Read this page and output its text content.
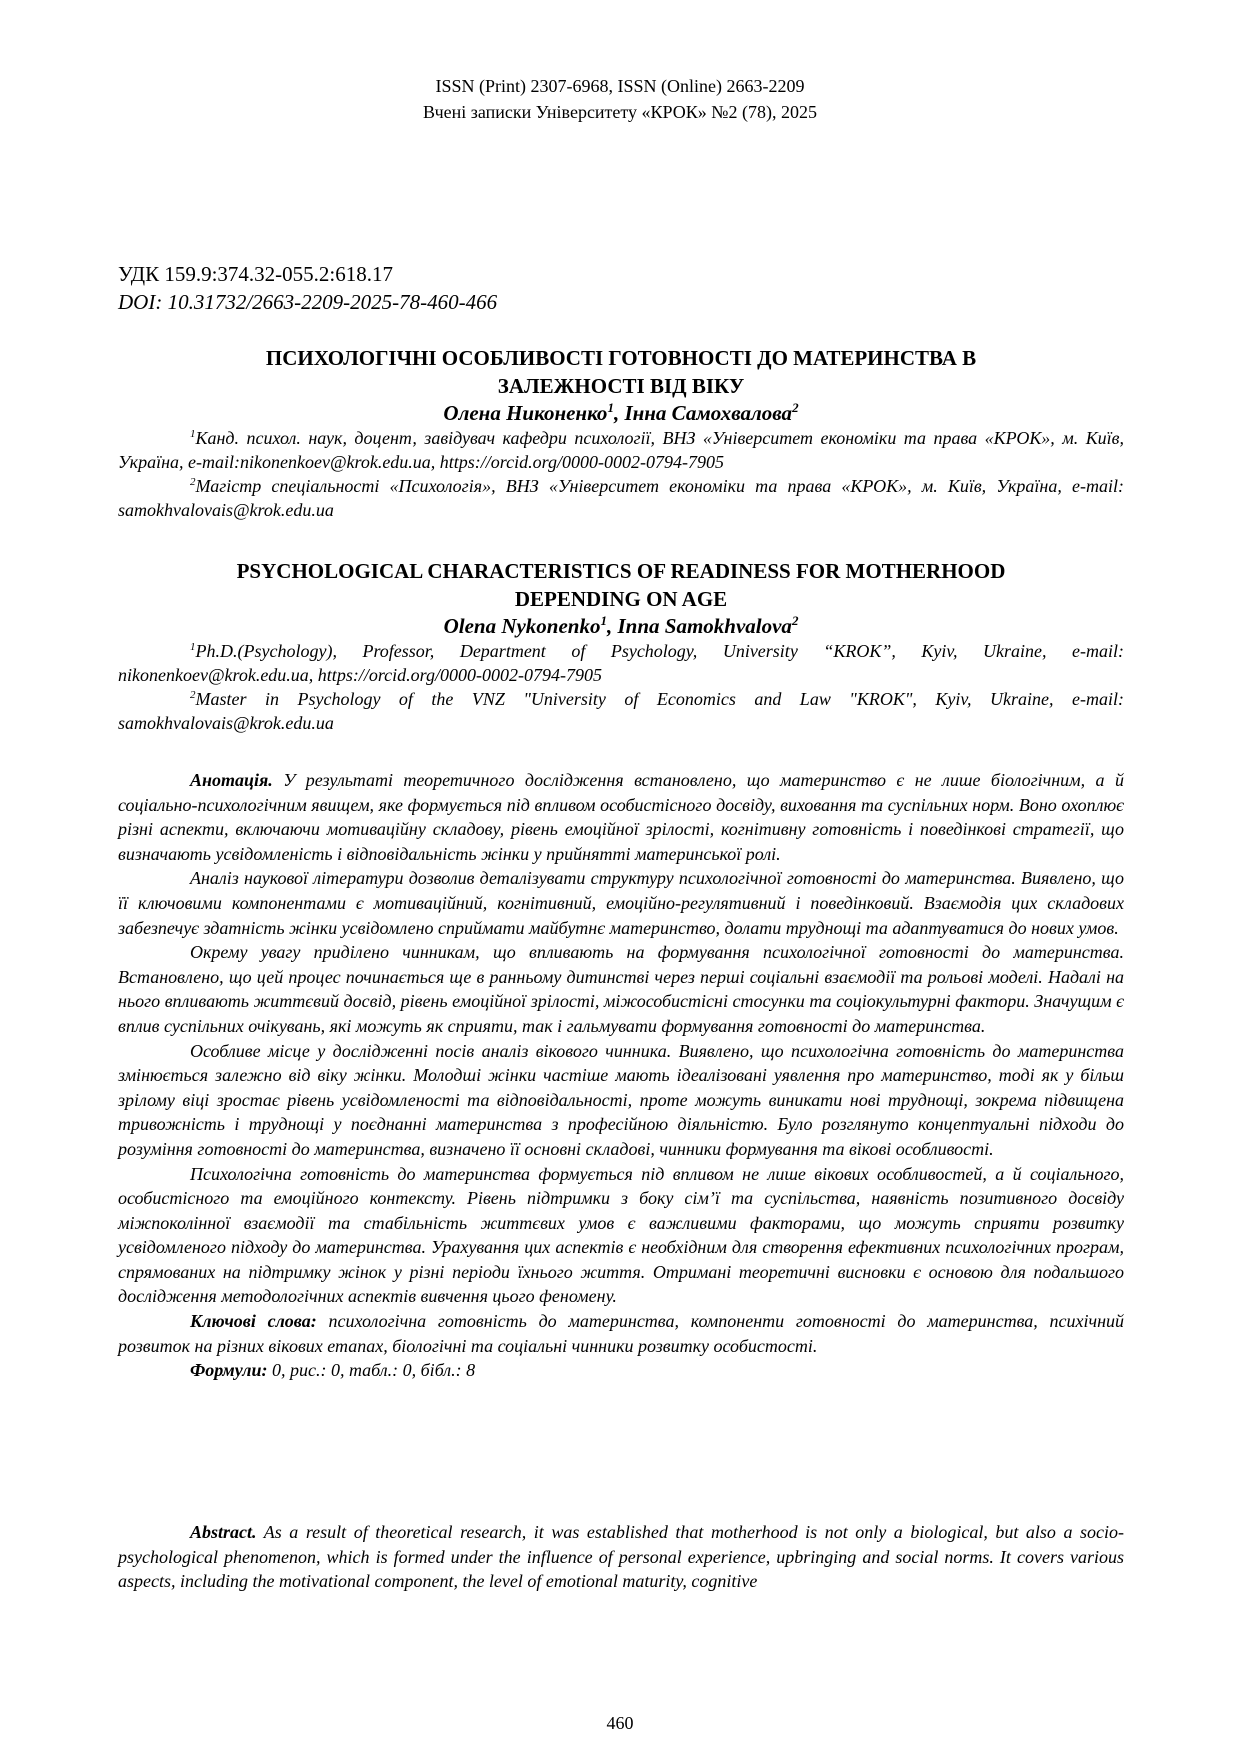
ISSN (Print) 2307-6968, ISSN (Online) 2663-2209
Вчені записки Університету «КРОК» №2 (78), 2025
УДК 159.9:374.32-055.2:618.17
DOI: 10.31732/2663-2209-2025-78-460-466
ПСИХОЛОГІЧНІ ОСОБЛИВОСТІ ГОТОВНОСТІ ДО МАТЕРИНСТВА В
ЗАЛЕЖНОСТІ ВІД ВІКУ
Олена Никоненко$^1$, Інна Самохвалова$^2$
$^1$Канд. психол. наук, доцент, завідувач кафедри психології, ВНЗ «Університет економіки та права «КРОК», м. Київ, Україна, e-mail:nikonenkoev@krok.edu.ua, https://orcid.org/0000-0002-0794-7905
$^2$Магістр спеціальності «Психологія», ВНЗ «Університет економіки та права «КРОК», м. Київ, Україна, e-mail: samokhvalovais@krok.edu.ua
PSYCHOLOGICAL CHARACTERISTICS OF READINESS FOR MOTHERHOOD
DEPENDING ON AGE
Olena Nykonenko$^1$, Inna Samokhvalova$^2$
$^1$Ph.D.(Psychology), Professor, Department of Psychology, University “KROK”, Kyiv, Ukraine, e-mail: nikonenkoev@krok.edu.ua, https://orcid.org/0000-0002-0794-7905
$^2$Master in Psychology of the VNZ "University of Economics and Law "KROK", Kyiv, Ukraine, e-mail: samokhvalovais@krok.edu.ua

Анотація. У результаті теоретичного дослідження встановлено, що материнство є не лише біологічним, а й соціально-психологічним явищем, яке формується під впливом особистісного досвіду, виховання та суспільних норм. Воно охоплює різні аспекти, включаючи мотиваційну складову, рівень емоційної зрілості, когнітивну готовність і поведінкові стратегії, що визначають усвідомленість і відповідальність жінки у прийнятті материнської ролі.

Аналіз наукової літератури дозволив деталізувати структуру психологічної готовності до материнства. Виявлено, що її ключовими компонентами є мотиваційний, когнітивний, емоційно-регулятивний і поведінковий. Взаємодія цих складових забезпечує здатність жінки усвідомлено сприймати майбутнє материнство, долати труднощі та адаптуватися до нових умов.

Окрему увагу приділено чинникам, що впливають на формування психологічної готовності до материнства. Встановлено, що цей процес починається ще в ранньому дитинстві через перші соціальні взаємодії та рольові моделі. Надалі на нього впливають життєвий досвід, рівень емоційної зрілості, міжособистісні стосунки та соціокультурні фактори. Значущим є вплив суспільних очікувань, які можуть як сприяти, так і гальмувати формування готовності до материнства.

Особливе місце у дослідженні посів аналіз вікового чинника. Виявлено, що психологічна готовність до материнства змінюється залежно від віку жінки. Молодші жінки частіше мають ідеалізовані уявлення про материнство, тоді як у більш зрілому віці зростає рівень усвідомленості та відповідальності, проте можуть виникати нові труднощі, зокрема підвищена тривожність і труднощі у поєднанні материнства з професійною діяльністю. Було розглянуто концептуальні підходи до розуміння готовності до материнства, визначено її основні складові, чинники формування та вікові особливості.

Психологічна готовність до материнства формується під впливом не лише вікових особливостей, а й соціального, особистісного та емоційного контексту. Рівень підтримки з боку сім’ї та суспільства, наявність позитивного досвіду міжпоколінної взаємодії та стабільність життєвих умов є важливими факторами, що можуть сприяти розвитку усвідомленого підходу до материнства. Урахування цих аспектів є необхідним для створення ефективних психологічних програм, спрямованих на підтримку жінок у різні періоди їхнього життя. Отримані теоретичні висновки є основою для подальшого дослідження методологічних аспектів вивчення цього феномену.

Ключові слова: психологічна готовність до материнства, компоненти готовності до материнства, психічний розвиток на різних вікових етапах, біологічні та соціальні чинники розвитку особистості.

Формули: 0, рис.: 0, табл.: 0, бібл.: 8

Abstract. As a result of theoretical research, it was established that motherhood is not only a biological, but also a socio-psychological phenomenon, which is formed under the influence of personal experience, upbringing and social norms. It covers various aspects, including the motivational component, the level of emotional maturity, cognitive

460
